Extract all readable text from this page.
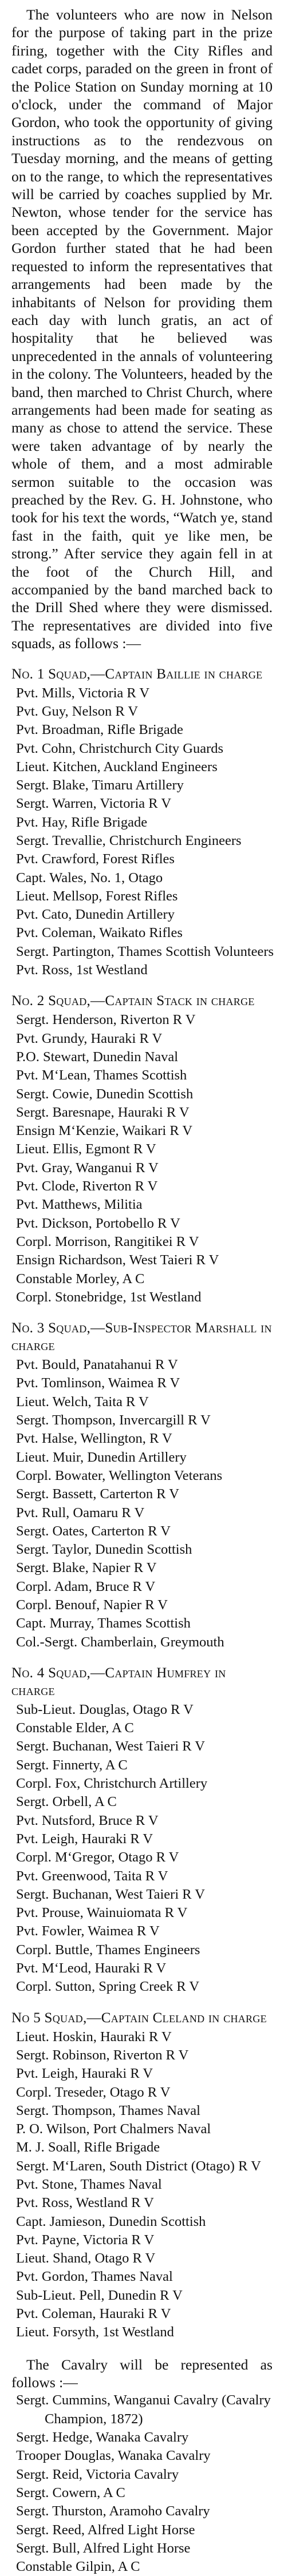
The volunteers who are now in Nelson for the purpose of taking part in the prize firing, together with the City Rifles and cadet corps, paraded on the green in front of the Police Station on Sunday morning at 10 o'clock, under the command of Major Gordon, who took the opportunity of giving instructions as to the rendezvous on Tuesday morning, and the means of getting on to the range, to which the representatives will be carried by coaches supplied by Mr. Newton, whose tender for the service has been accepted by the Government. Major Gordon further stated that he had been requested to inform the representatives that arrangements had been made by the inhabitants of Nelson for providing them each day with lunch gratis, an act of hospitality that he believed was unprecedented in the annals of volunteering in the colony. The Volunteers, headed by the band, then marched to Christ Church, where arrangements had been made for seating as many as chose to attend the service. These were taken advantage of by nearly the whole of them, and a most admirable sermon suitable to the occasion was preached by the Rev. G. H. Johnstone, who took for his text the words, “Watch ye, stand fast in the faith, quit ye like men, be strong.” After service they again fell in at the foot of the Church Hill, and accompanied by the band marched back to the Drill Shed where they were dismissed. The representatives are divided into five squads, as follows :—

No. 1 Squad,—Captain Baillie in charge

Pvt. Mills, Victoria R V
Pvt. Guy, Nelson R V
Pvt. Broadman, Rifle Brigade
Pvt. Cohn, Christchurch City Guards
Lieut. Kitchen, Auckland Engineers
Sergt. Blake, Timaru Artillery
Sergt. Warren, Victoria R V
Pvt. Hay, Rifle Brigade
Sergt. Trevallie, Christchurch Engineers
Pvt. Crawford, Forest Rifles
Capt. Wales, No. 1, Otago
Lieut. Mellsop, Forest Rifles
Pvt. Cato, Dunedin Artillery
Pvt. Coleman, Waikato Rifles
Sergt. Partington, Thames Scottish Volunteers
Pvt. Ross, 1st Westland

No. 2 Squad,—Captain Stack in charge

Sergt. Henderson, Riverton R V
Pvt. Grundy, Hauraki R V
P.O. Stewart, Dunedin Naval
Pvt. M‘Lean, Thames Scottish
Sergt. Cowie, Dunedin Scottish
Sergt. Baresnape, Hauraki R V
Ensign M‘Kenzie, Waikari R V
Lieut. Ellis, Egmont R V
Pvt. Gray, Wanganui R V
Pvt. Clode, Riverton R V
Pvt. Matthews, Militia
Pvt. Dickson, Portobello R V
Corpl. Morrison, Rangitikei R V
Ensign Richardson, West Taieri R V
Constable Morley, A C
Corpl. Stonebridge, 1st Westland

No. 3 Squad,—Sub-Inspector Marshall in charge

Pvt. Bould, Panatahanui R V
Pvt. Tomlinson, Waimea R V
Lieut. Welch, Taita R V
Sergt. Thompson, Invercargill R V
Pvt. Halse, Wellington, R V
Lieut. Muir, Dunedin Artillery
Corpl. Bowater, Wellington Veterans
Sergt. Bassett, Carterton R V
Pvt. Rull, Oamaru R V
Sergt. Oates, Carterton R V
Sergt. Taylor, Dunedin Scottish
Sergt. Blake, Napier R V
Corpl. Adam, Bruce R V
Corpl. Benouf, Napier R V
Capt. Murray, Thames Scottish
Col.-Sergt. Chamberlain, Greymouth

No. 4 Squad,—Captain Humfrey in charge

Sub-Lieut. Douglas, Otago R V
Constable Elder, A C
Sergt. Buchanan, West Taieri R V
Sergt. Finnerty, A C
Corpl. Fox, Christchurch Artillery
Sergt. Orbell, A C
Pvt. Nutsford, Bruce R V
Pvt. Leigh, Hauraki R V
Corpl. M‘Gregor, Otago R V
Pvt. Greenwood, Taita R V
Sergt. Buchanan, West Taieri R V
Pvt. Prouse, Wainuiomata R V
Pvt. Fowler, Waimea R V
Corpl. Buttle, Thames Engineers
Pvt. M‘Leod, Hauraki R V
Corpl. Sutton, Spring Creek R V

No 5 Squad,—Captain Cleland in charge

Lieut. Hoskin, Hauraki R V
Sergt. Robinson, Riverton R V
Pvt. Leigh, Hauraki R V
Corpl. Treseder, Otago R V
Sergt. Thompson, Thames Naval
P. O. Wilson, Port Chalmers Naval
M. J. Soall, Rifle Brigade
Sergt. M‘Laren, South District (Otago) R V
Pvt. Stone, Thames Naval
Pvt. Ross, Westland R V
Capt. Jamieson, Dunedin Scottish
Pvt. Payne, Victoria R V
Lieut. Shand, Otago R V
Pvt. Gordon, Thames Naval
Sub-Lieut. Pell, Dunedin R V
Pvt. Coleman, Hauraki R V
Lieut. Forsyth, 1st Westland

The Cavalry will be represented as follows :—

Sergt. Cummins, Wanganui Cavalry (Cavalry
Champion, 1872)
Sergt. Hedge, Wanaka Cavalry
Trooper Douglas, Wanaka Cavalry
Sergt. Reid, Victoria Cavalry
Sergt. Cowern, A C
Sergt. Thurston, Aramoho Cavalry
Sergt. Reed, Alfred Light Horse
Sergt. Bull, Alfred Light Horse
Constable Gilpin, A C
